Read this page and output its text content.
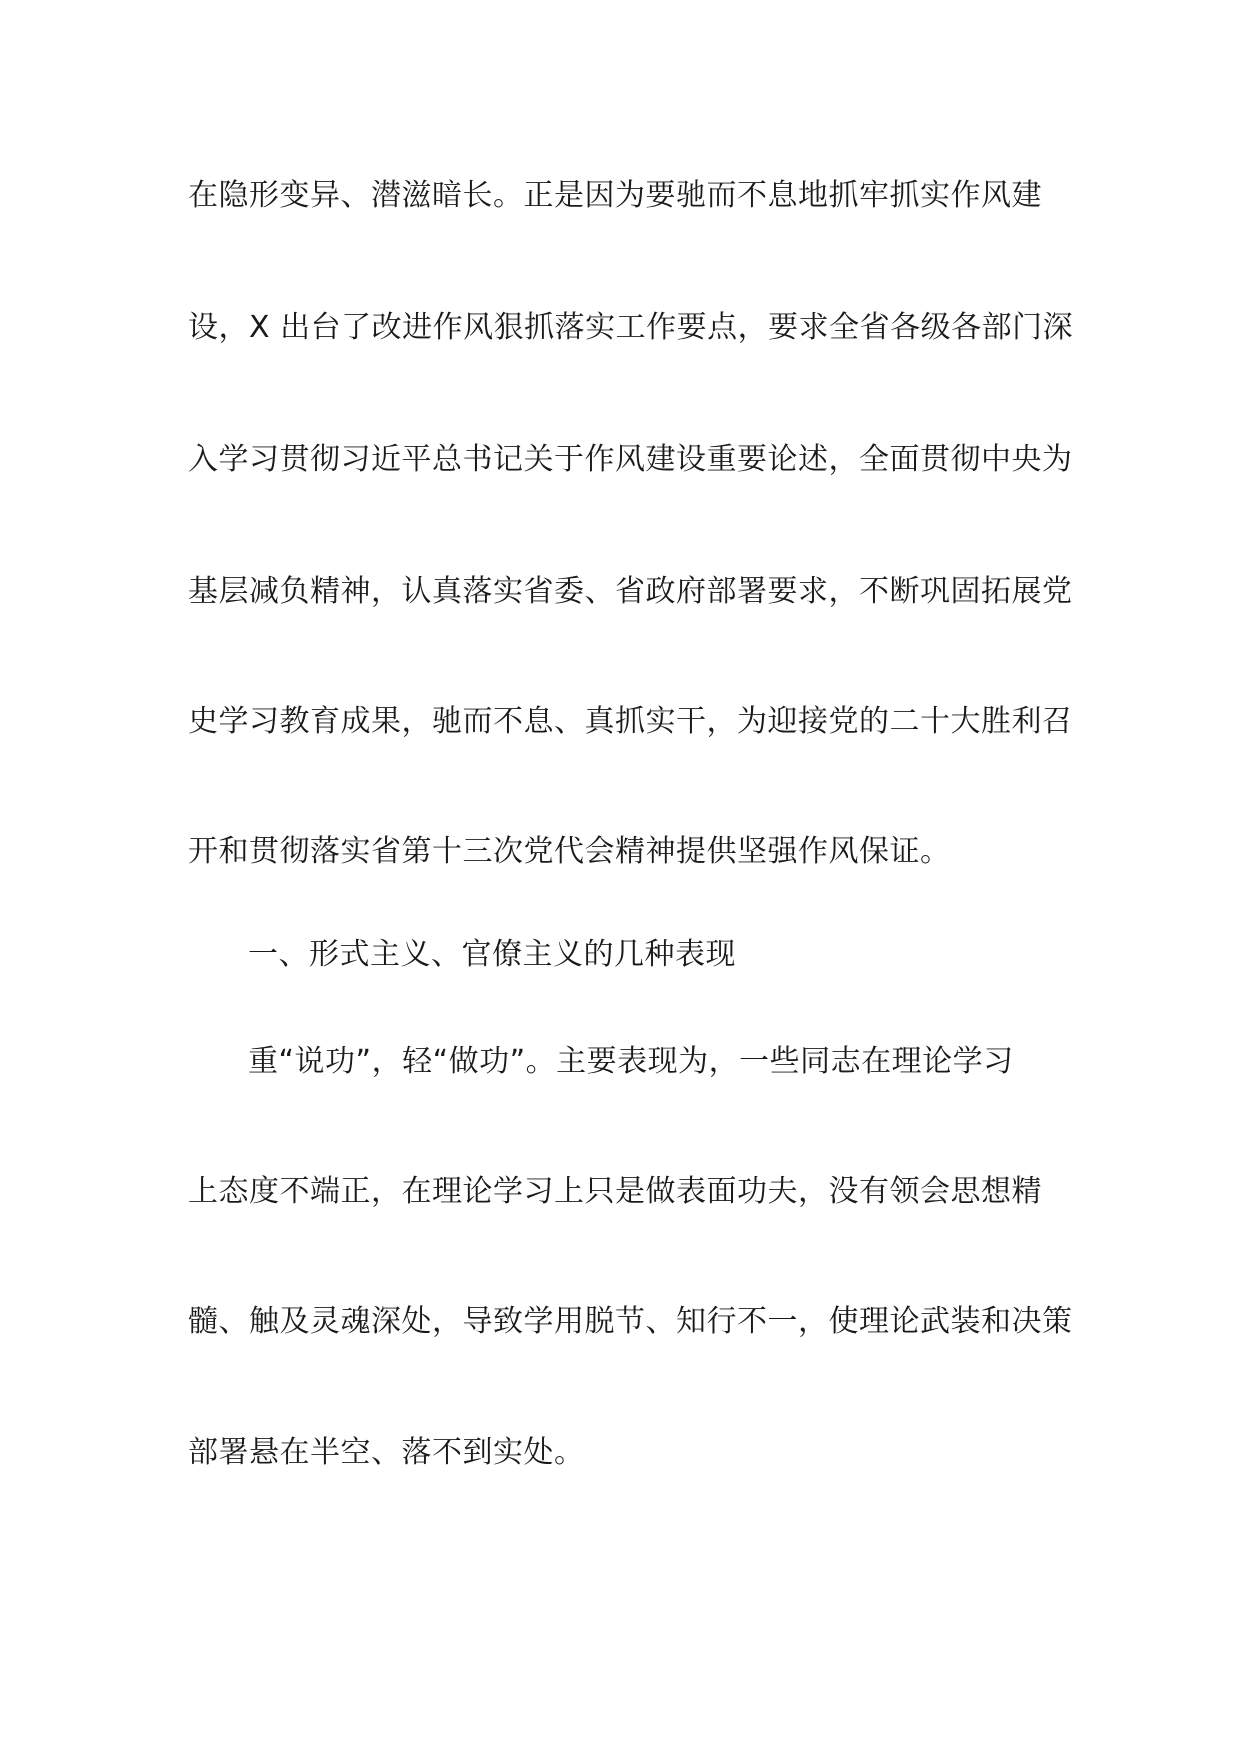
在隐形变异、潜滋暗长。正是因为要驰而不息地抓牢抓实作风建
设，X 出台了改进作风狠抓落实工作要点，要求全省各级各部门深
入学习贯彻习近平总书记关于作风建设重要论述，全面贯彻中央为
基层减负精神，认真落实省委、省政府部署要求，不断巩固拓展党
史学习教育成果，驰而不息、真抓实干，为迎接党的二十大胜利召
开和贯彻落实省第十三次党代会精神提供坚强作风保证。
一、形式主义、官僚主义的几种表现
重“说功”，轻“做功”。主要表现为，一些同志在理论学习
上态度不端正，在理论学习上只是做表面功夫，没有领会思想精
髓、触及灵魂深处，导致学用脱节、知行不一，使理论武装和决策
部署悬在半空、落不到实处。
